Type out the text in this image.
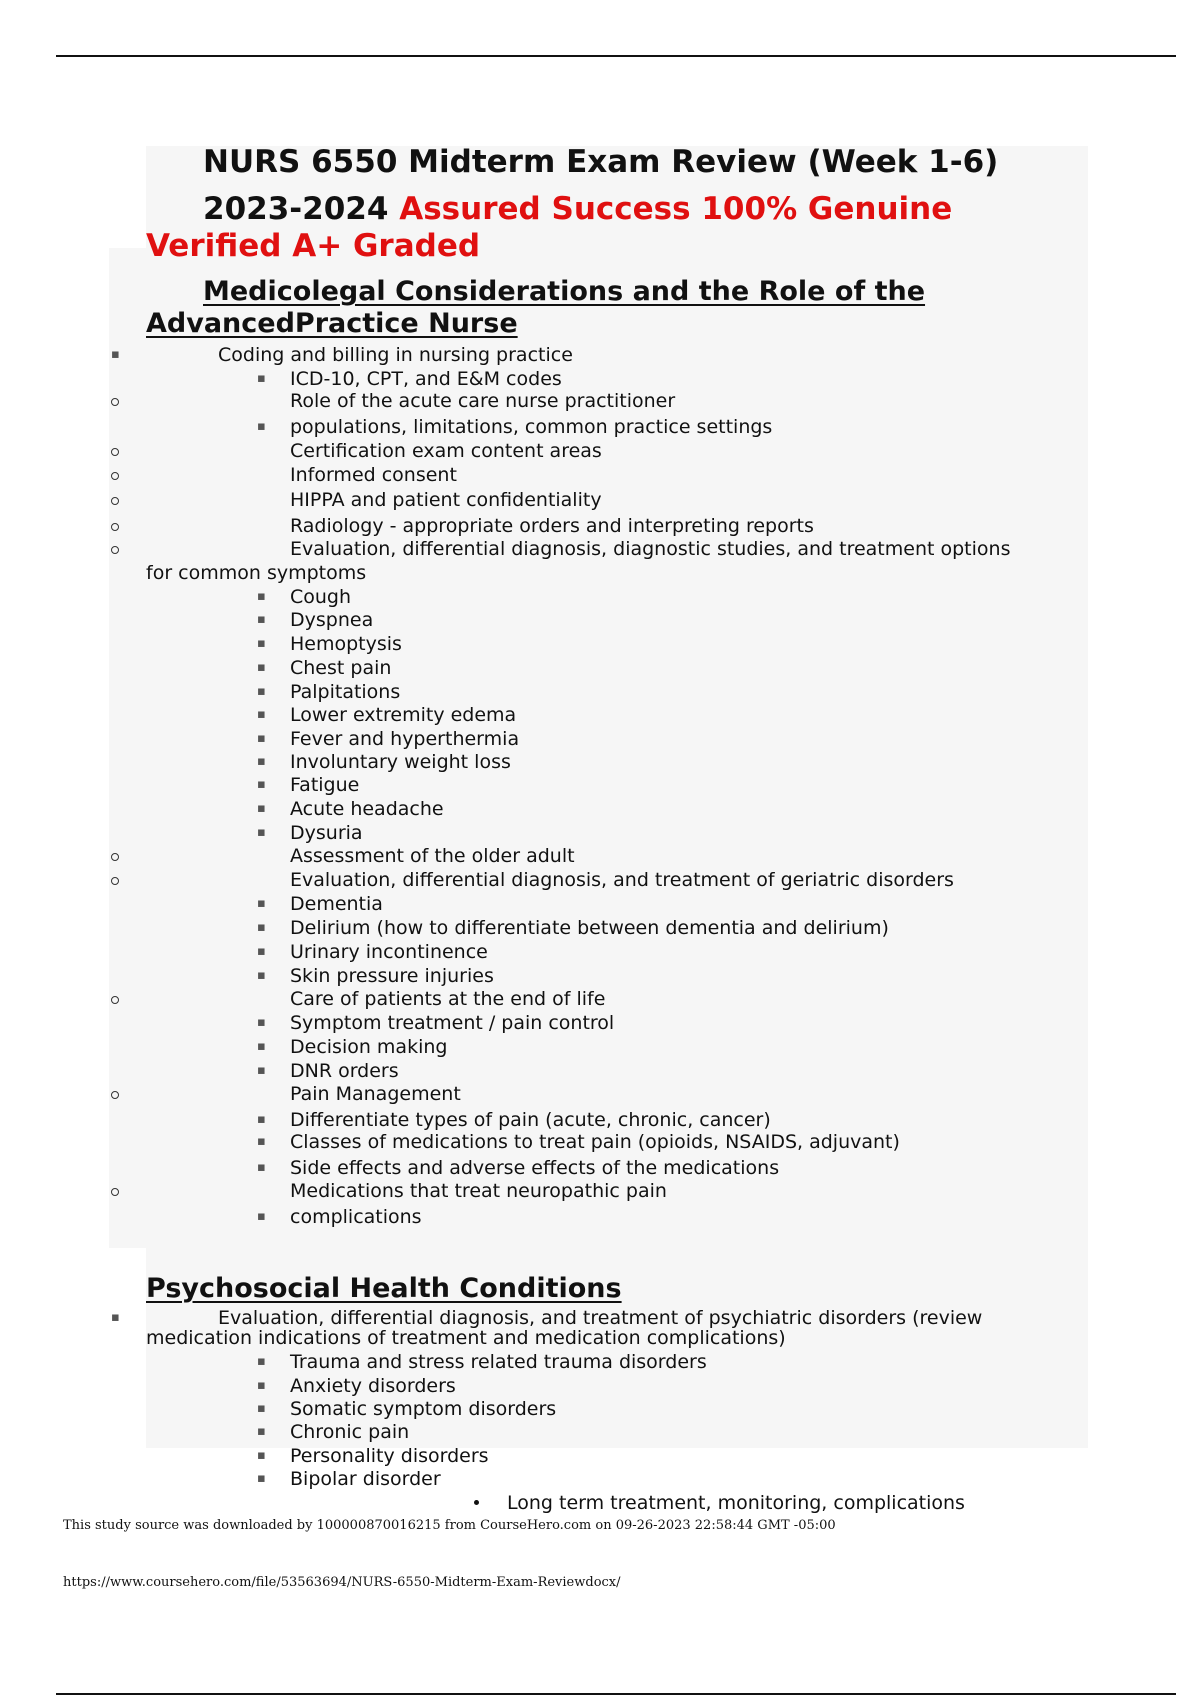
NURS 6550 Midterm Exam Review (Week 1-6)
2023-2024 Assured Success 100% Genuine
Verified A+ Graded
Medicolegal Considerations and the Role of the
AdvancedPractice Nurse
▪	Coding and billing in nursing practice
▪ ICD-10, CPT, and E&M codes
Role of the acute care nurse practitioner
▪ populations, limitations, common practice settings
Certification exam content areas
Informed consent
HIPPA and patient confidentiality
Radiology - appropriate orders and interpreting reports
Evaluation, differential diagnosis, diagnostic studies, and treatment options
for common symptoms
▪ Cough
▪ Dyspnea
▪ Hemoptysis
▪ Chest pain
▪ Palpitations
▪ Lower extremity edema
▪ Fever and hyperthermia
▪ Involuntary weight loss
▪ Fatigue
▪ Acute headache
▪ Dysuria
Assessment of the older adult
Evaluation, differential diagnosis, and treatment of geriatric disorders
▪ Dementia
▪ Delirium (how to differentiate between dementia and delirium)
▪ Urinary incontinence
▪ Skin pressure injuries
Care of patients at the end of life
▪ Symptom treatment / pain control
▪ Decision making
▪ DNR orders
Pain Management
▪ Differentiate types of pain (acute, chronic, cancer)
▪ Classes of medications to treat pain (opioids, NSAIDS, adjuvant)
▪ Side effects and adverse effects of the medications
Medications that treat neuropathic pain
▪ complications
Psychosocial Health Conditions
▪	Evaluation, differential diagnosis, and treatment of psychiatric disorders (review
medication indications of treatment and medication complications)
▪ Trauma and stress related trauma disorders
▪ Anxiety disorders
▪ Somatic symptom disorders
▪ Chronic pain
▪ Personality disorders
▪ Bipolar disorder
Long term treatment, monitoring, complications
This study source was downloaded by 100000870016215 from CourseHero.com on 09-26-2023 22:58:44 GMT -05:00
https://www.coursehero.com/file/53563694/NURS-6550-Midterm-Exam-Reviewdocx/
